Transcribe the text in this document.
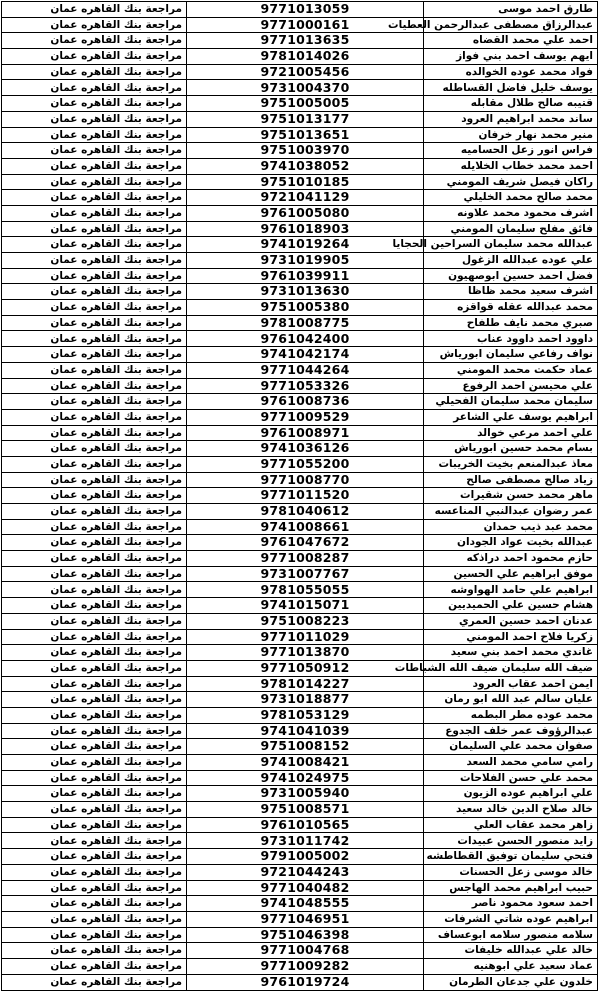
مراجعة بنك القاهره عمان	9771013059	طارق احمد موسى
مراجعة بنك القاهره عمان	9771000161	عبدالرزاق مصطفى عبدالرحمن العطيات
مراجعة بنك القاهره عمان	9771013635	احمد علي محمد القضاه
مراجعة بنك القاهره عمان	9781014026	ايهم يوسف احمد بني فواز
مراجعة بنك القاهره عمان	9721005456	فواد محمد عوده الخوالده
مراجعة بنك القاهره عمان	9731004370	يوسف خليل فاضل القساطله
مراجعة بنك القاهره عمان	9751005005	قتيبه صالح طلال مقابله
مراجعة بنك القاهره عمان	9751013177	ساند محمد ابراهيم العرود
مراجعة بنك القاهره عمان	9751013651	منير محمد نهار خرفان
مراجعة بنك القاهره عمان	9751003970	فراس انور زعل الحساميه
مراجعة بنك القاهره عمان	9741038052	احمد محمد خطاب الخلايله
مراجعة بنك القاهره عمان	9751010185	راكان فيصل شريف المومني
مراجعة بنك القاهره عمان	9721041129	محمد صالح محمد الخليلي
مراجعة بنك القاهره عمان	9761005080	اشرف محمود محمد علاونه
مراجعة بنك القاهره عمان	9761018903	فائق مفلح سليمان المومني
مراجعة بنك القاهره عمان	9741019264	عبدالله محمد سليمان السراحين الحجايا
مراجعة بنك القاهره عمان	9731019905	علي عوده عبدالله الزغول
مراجعة بنك القاهره عمان	9761039911	فضل احمد حسين ابوصهيون
مراجعة بنك القاهره عمان	9731013630	اشرف سعيد محمد ظاظا
مراجعة بنك القاهره عمان	9751005380	محمد عبدالله عقله قواقزه
مراجعة بنك القاهره عمان	9781008775	صبري محمد نايف طلفاح
مراجعة بنك القاهره عمان	9761042400	داوود احمد داوود عناب
مراجعة بنك القاهره عمان	9741042174	نواف رفاعي سليمان ابورياش
مراجعة بنك القاهره عمان	9771044264	عماد حكمت محمد المومني
مراجعة بنك القاهره عمان	9771053326	علي محيسن احمد الرفوع
مراجعة بنك القاهره عمان	9761008736	سليمان محمد سليمان الفحيلي
مراجعة بنك القاهره عمان	9771009529	ابراهيم يوسف علي الشاعر
مراجعة بنك القاهره عمان	9761008971	علي احمد مرعي خوالد
مراجعة بنك القاهره عمان	9741036126	بسام محمد حسين ابورياش
مراجعة بنك القاهره عمان	9771055200	معاذ عبدالمنعم بخيت الخريبات
مراجعة بنك القاهره عمان	9771008770	زياد صالح مصطفى صالح
مراجعة بنك القاهره عمان	9771011520	ماهر محمد حسن شقيرات
مراجعة بنك القاهره عمان	9781040612	عمر رضوان عبدالنبي المناعسه
مراجعة بنك القاهره عمان	9741008661	محمد عبد ذيب حمدان
مراجعة بنك القاهره عمان	9761047672	عبدالله بخيت عواد الجودان
مراجعة بنك القاهره عمان	9771008287	حازم محمود احمد دراذكه
مراجعة بنك القاهره عمان	9731007767	موفق ابراهيم علي الحسين
مراجعة بنك القاهره عمان	9781055055	ابراهيم علي حامد الهواوشه
مراجعة بنك القاهره عمان	9741015071	هشام حسين علي الحميديين
مراجعة بنك القاهره عمان	9751008223	عدنان احمد حسين العمري
مراجعة بنك القاهره عمان	9771011029	زكريا فلاح احمد المومني
مراجعة بنك القاهره عمان	9771013870	غاندي محمد احمد بني سعيد
مراجعة بنك القاهره عمان	9771050912	ضيف الله سليمان ضيف الله الشباطات
مراجعة بنك القاهره عمان	9781014227	ايمن احمد عقاب العرود
مراجعة بنك القاهره عمان	9731018877	عليان سالم عبد الله ابو رمان
مراجعة بنك القاهره عمان	9781053129	محمد عوده مطر البطمه
مراجعة بنك القاهره عمان	9741041039	عبدالرؤوف عمر خلف الجدوع
مراجعة بنك القاهره عمان	9751008152	صفوان محمد علي السليمان
مراجعة بنك القاهره عمان	9741008421	رامي سامي محمد السعد
مراجعة بنك القاهره عمان	9741024975	محمد علي حسن الفلاحات
مراجعة بنك القاهره عمان	9731005940	علي ابراهيم عوده الزيون
مراجعة بنك القاهره عمان	9751008571	خالد صلاح الدين خالد سعيد
مراجعة بنك القاهره عمان	9761010565	زاهر محمد عقاب العلي
مراجعة بنك القاهره عمان	9731011742	زايد منصور الحسن عبيدات
مراجعة بنك القاهره عمان	9791005002	فتحي سليمان توفيق القطاطشه
مراجعة بنك القاهره عمان	9721044243	خالد موسى زعل الحسنات
مراجعة بنك القاهره عمان	9771040482	حبيب ابراهيم محمد الهاجس
مراجعة بنك القاهره عمان	9741048555	احمد سعود محمود ناصر
مراجعة بنك القاهره عمان	9771046951	ابراهيم عوده شاتي الشرفات
مراجعة بنك القاهره عمان	9751046398	سلامه منصور سلامه ابوعساف
مراجعة بنك القاهره عمان	9771004768	خالد علي عبدالله خليفات
مراجعة بنك القاهره عمان	9771009282	عماد سعيد علي ابوهنيه
مراجعة بنك القاهره عمان	9761019724	خلدون علي جدعان الطرمان
